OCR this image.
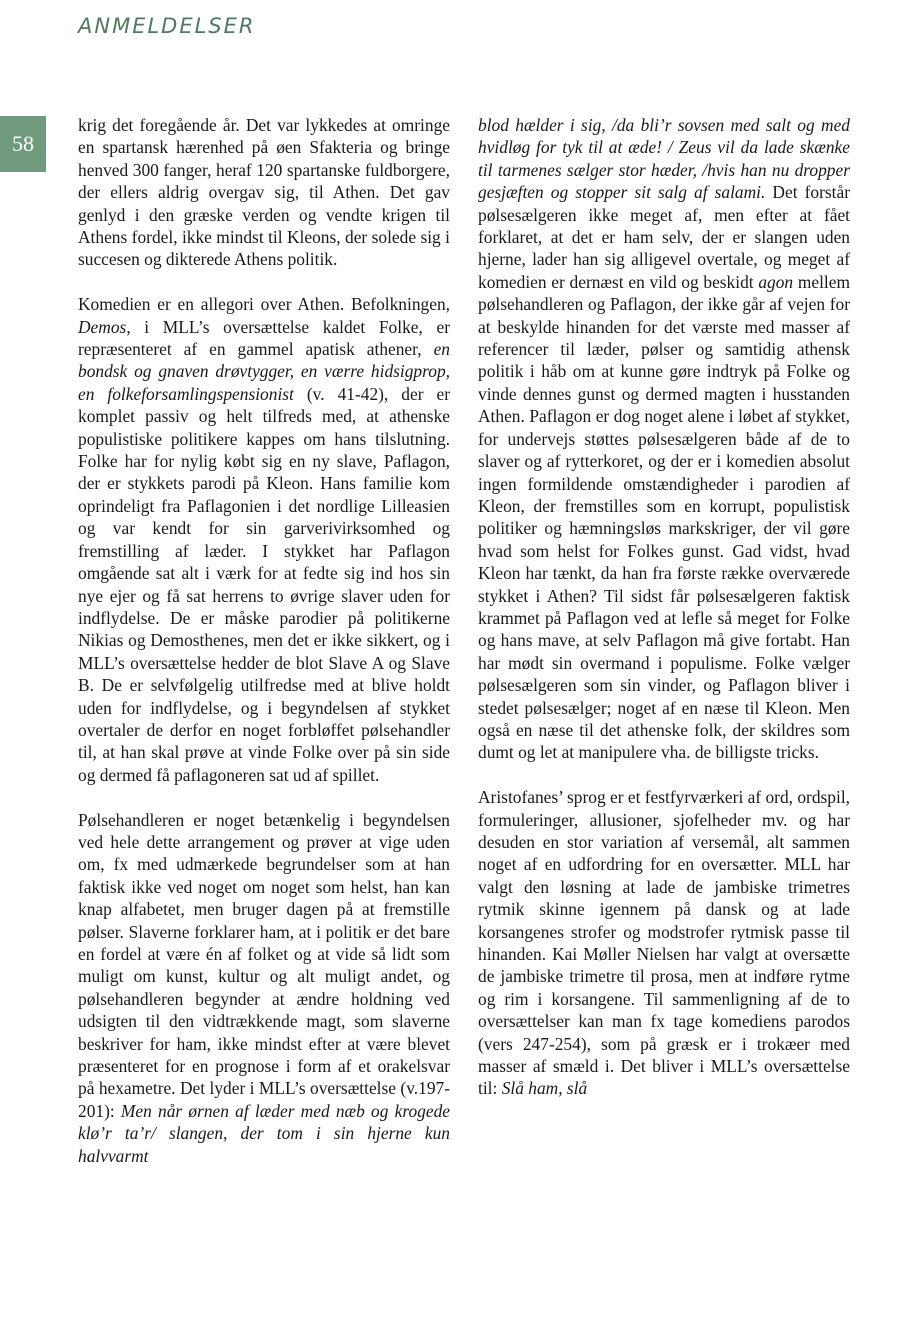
ANMELDELSER
58

krig det foregående år. Det var lykkedes at omringe en spartansk hærenhed på øen Sfakteria og bringe henved 300 fanger, heraf 120 spartanske fuldborgere, der ellers aldrig overgav sig, til Athen. Det gav genlyd i den græske verden og vendte krigen til Athens fordel, ikke mindst til Kleons, der solede sig i succesen og dikterede Athens politik.

Komedien er en allegori over Athen. Befolkningen, Demos, i MLL’s oversættelse kaldet Folke, er repræsenteret af en gammel apatisk athener, en bondsk og gnaven drøvtygger, en værre hidsigprop, en folkeforsamlingspensionist (v. 41-42), der er komplet passiv og helt tilfreds med, at athenske populistiske politikere kappes om hans tilslutning. Folke har for nylig købt sig en ny slave, Paflagon, der er stykkets parodi på Kleon. Hans familie kom oprindeligt fra Paflagonien i det nordlige Lilleasien og var kendt for sin garverivirksomhed og fremstilling af læder. I stykket har Paflagon omgående sat alt i værk for at fedte sig ind hos sin nye ejer og få sat herrens to øvrige slaver uden for indflydelse. De er måske parodier på politikerne Nikias og Demosthenes, men det er ikke sikkert, og i MLL’s oversættelse hedder de blot Slave A og Slave B. De er selvfølgelig utilfredse med at blive holdt uden for indflydelse, og i begyndelsen af stykket overtaler de derfor en noget forbløffet pølsehandler til, at han skal prøve at vinde Folke over på sin side og dermed få paflagoneren sat ud af spillet.

Pølsehandleren er noget betænkelig i begyndelsen ved hele dette arrangement og prøver at vige uden om, fx med udmærkede begrundelser som at han faktisk ikke ved noget om noget som helst, han kan knap alfabetet, men bruger dagen på at fremstille pølser. Slaverne forklarer ham, at i politik er det bare en fordel at være én af folket og at vide så lidt som muligt om kunst, kultur og alt muligt andet, og pølsehandleren begynder at ændre holdning ved udsigten til den vidtrækkende magt, som slaverne beskriver for ham, ikke mindst efter at være blevet præsenteret for en prognose i form af et orakelsvar på hexametre. Det lyder i MLL’s oversættelse (v.197-201): Men når ørnen af læder med næb og krogede klø’r ta’r/ slangen, der tom i sin hjerne kun halvvarmt

blod hælder i sig, /da bli’r sovsen med salt og med hvidløg for tyk til at æde! / Zeus vil da lade skænke til tarmenes sælger stor hæder, /hvis han nu dropper gesjæften og stopper sit salg af salami. Det forstår pølsesælgeren ikke meget af, men efter at fået forklaret, at det er ham selv, der er slangen uden hjerne, lader han sig alligevel overtale, og meget af komedien er dernæst en vild og beskidt agon mellem pølsehandleren og Paflagon, der ikke går af vejen for at beskylde hinanden for det værste med masser af referencer til læder, pølser og samtidig athensk politik i håb om at kunne gøre indtryk på Folke og vinde dennes gunst og dermed magten i husstanden Athen. Paflagon er dog noget alene i løbet af stykket, for undervejs støttes pølsesælgeren både af de to slaver og af rytterkoret, og der er i komedien absolut ingen formildende omstændigheder i parodien af Kleon, der fremstilles som en korrupt, populistisk politiker og hæmningsløs markskriger, der vil gøre hvad som helst for Folkes gunst. Gad vidst, hvad Kleon har tænkt, da han fra første række overværede stykket i Athen? Til sidst får pølsesælgeren faktisk krammet på Paflagon ved at lefle så meget for Folke og hans mave, at selv Paflagon må give fortabt. Han har mødt sin overmand i populisme. Folke vælger pølsesælgeren som sin vinder, og Paflagon bliver i stedet pølsesælger; noget af en næse til Kleon. Men også en næse til det athenske folk, der skildres som dumt og let at manipulere vha. de billigste tricks.

Aristofanes’ sprog er et festfyrværkeri af ord, ordspil, formuleringer, allusioner, sjofelheder mv. og har desuden en stor variation af versemål, alt sammen noget af en udfordring for en oversætter. MLL har valgt den løsning at lade de jambiske trimetres rytmik skinne igennem på dansk og at lade korsangenes strofer og modstrofer rytmisk passe til hinanden. Kai Møller Nielsen har valgt at oversætte de jambiske trimetre til prosa, men at indføre rytme og rim i korsangene. Til sammenligning af de to oversættelser kan man fx tage komediens parodos (vers 247-254), som på græsk er i trokæer med masser af smæld i. Det bliver i MLL’s oversættelse til: Slå ham, slå
